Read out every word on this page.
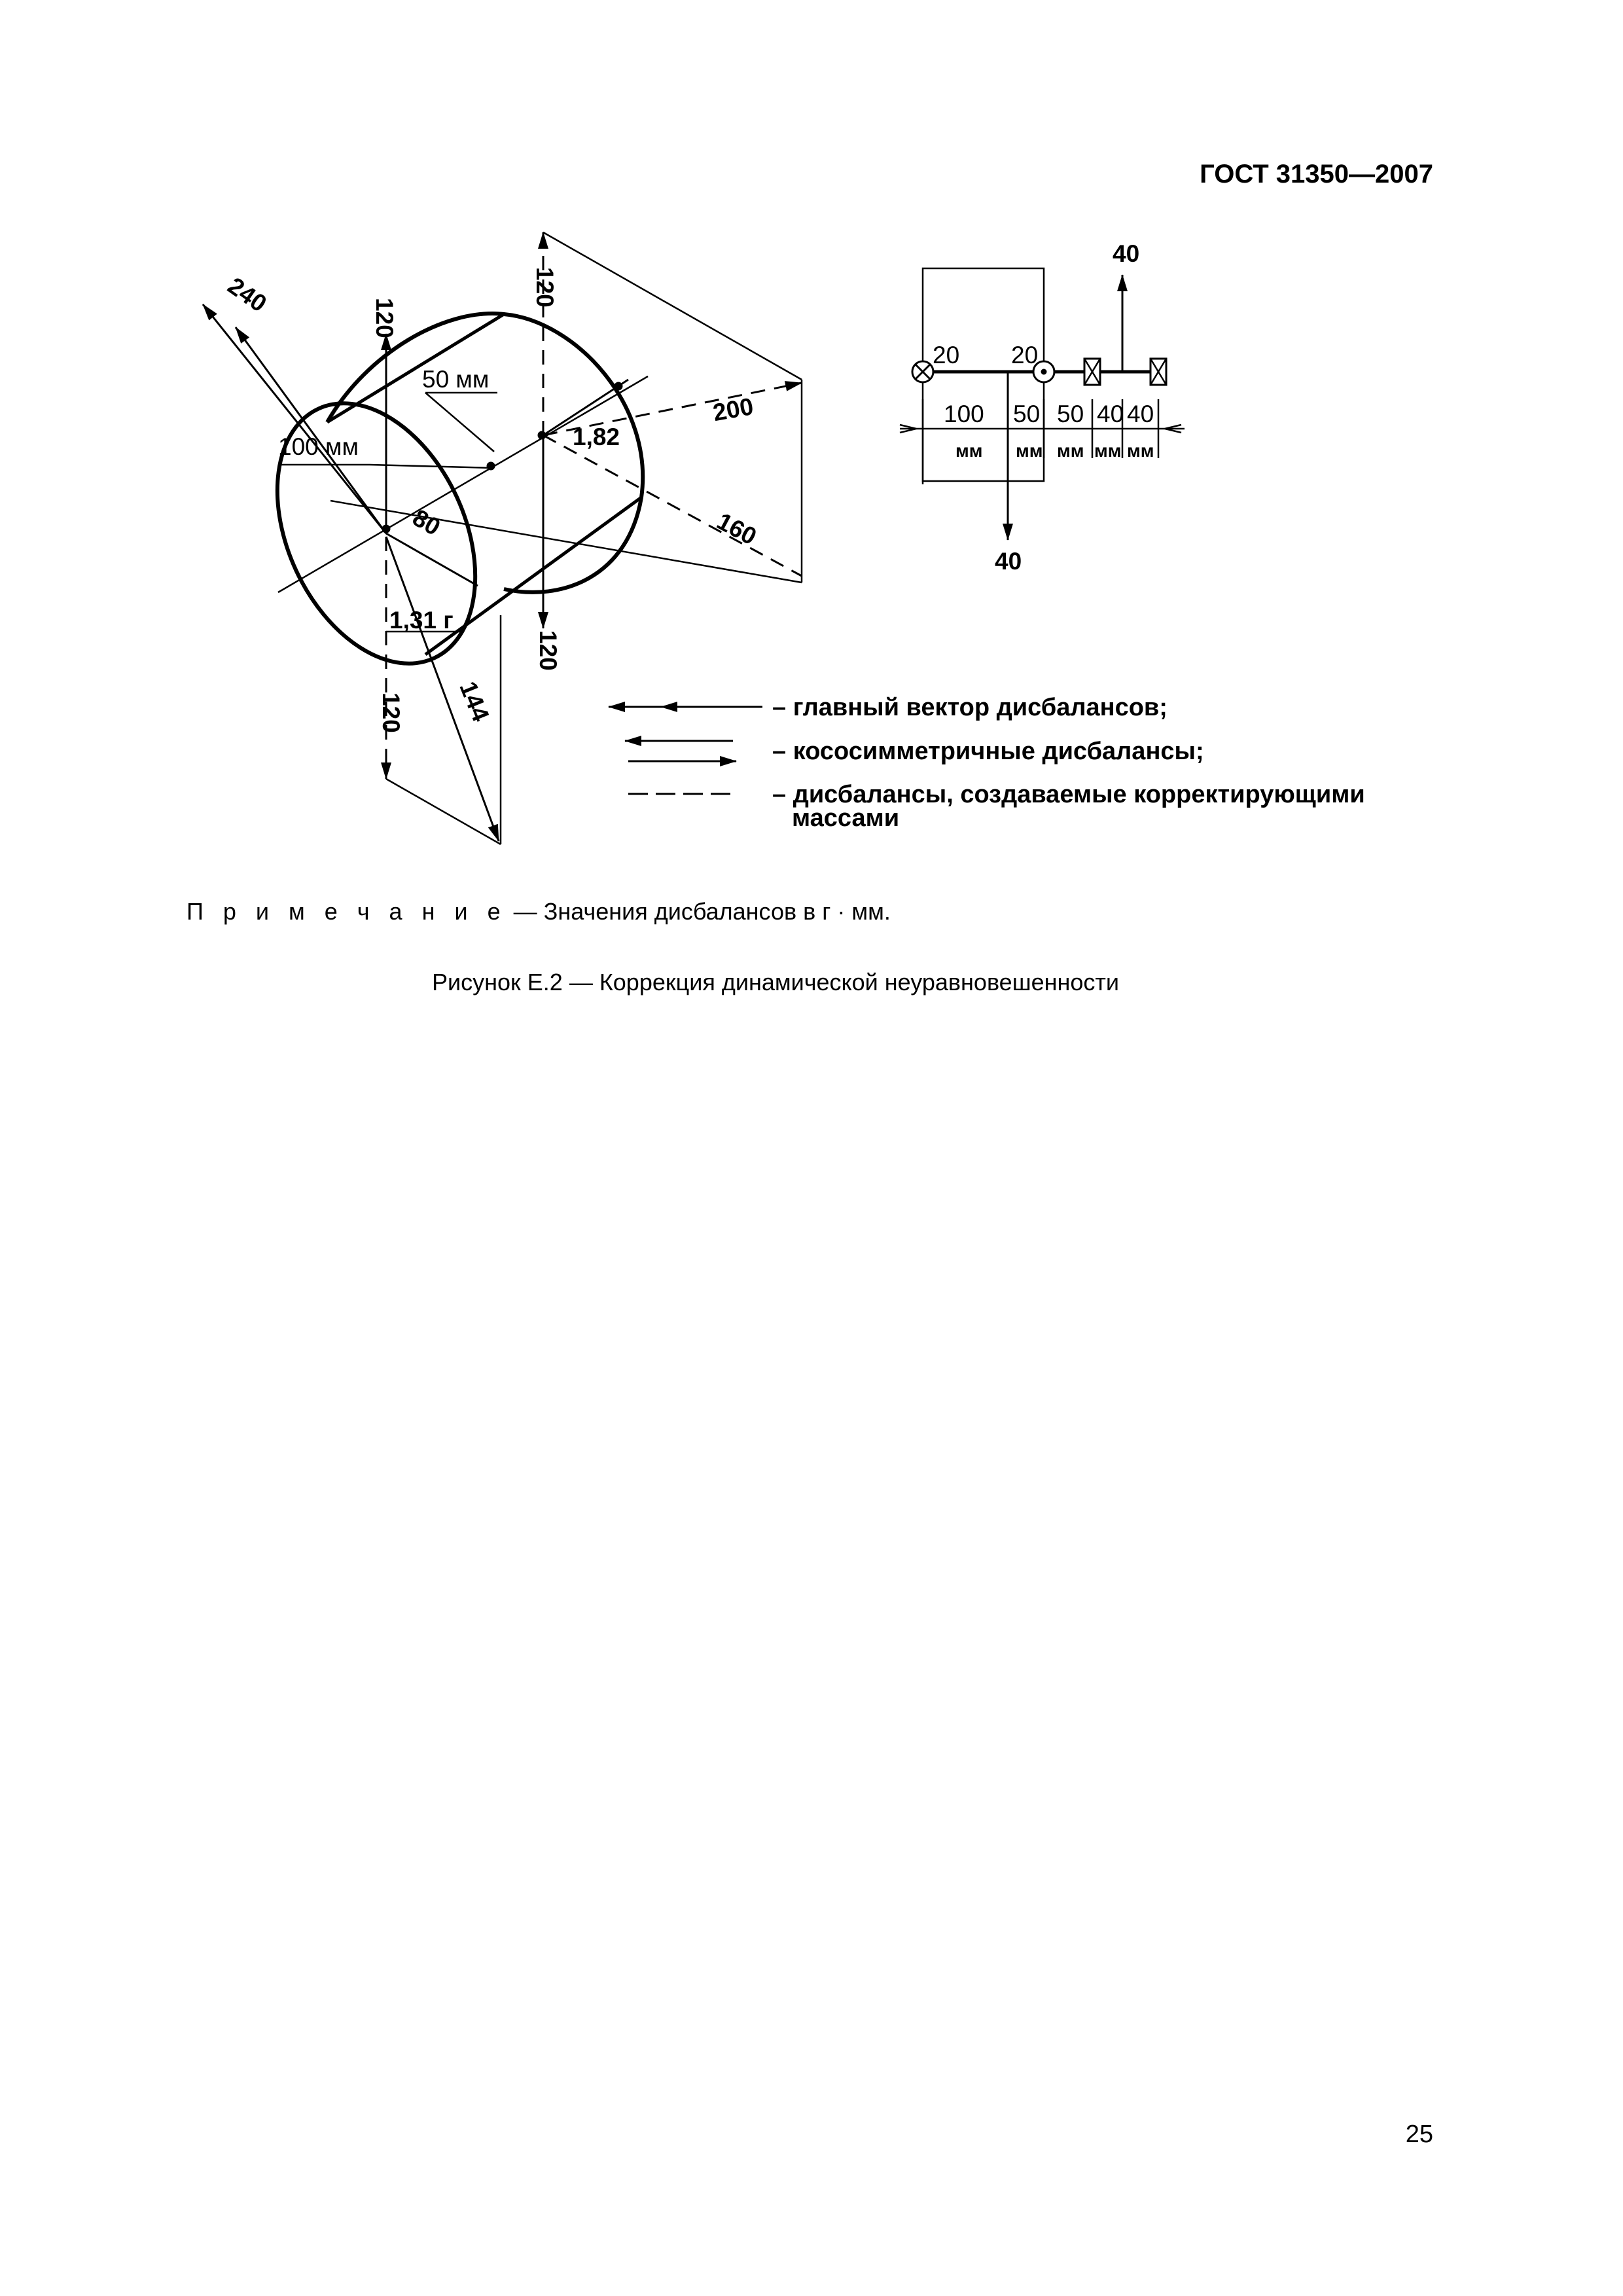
ГОСТ 31350—2007
240
120
120
50 мм
100 мм
200
1,82
80	160
1,31 г
120
120 144
40
40
20 20
100
мм
50
мм
50
мм
40
мм
40
мм
– главный вектор дисбалансов;
– кососимметричные дисбалансы;
– дисбалансы, создаваемые корректирующими
массами
П р и м е ч а н и е — Значения дисбалансов в г · мм.
Рисунок Е.2 — Коррекция динамической неуравновешенности
25
